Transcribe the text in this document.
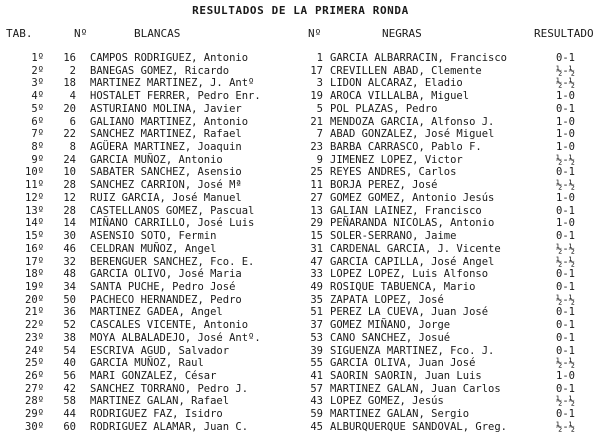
RESULTADOS DE LA PRIMERA RONDA
TAB.	Nº	BLANCAS	Nº	NEGRAS	RESULTADO
1º	16 CAMPOS RODRIGUEZ, Antonio	1 GARCIA ALBARRACIN, Francisco	0-1
2º	2 BANEGAS GOMEZ, Ricardo	17 CREVILLEN ABAD, Clemente	½-½
3º	18 MARTINEZ MARTINEZ, J. Antº	3 LIDON ALCARAZ, Eladio	½-½
4º	4 HOSTALET FERRER, Pedro Enr.	19 AROCA VILLALBA, Miguel	1-0
5º	20 ASTURIANO MOLINA, Javier	5 POL PLAZAS, Pedro	0-1
6º	6 GALIANO MARTINEZ, Antonio	21 MENDOZA GARCIA, Alfonso J.	1-0
7º	22 SANCHEZ MARTINEZ, Rafael	7 ABAD GONZALEZ, José Miguel	1-0
8º	8 AGÜERA MARTINEZ, Joaquin	23 BARBA CARRASCO, Pablo F.	1-0
9º	24 GARCIA MUÑOZ, Antonio	9 JIMENEZ LOPEZ, Victor	½-½
10º	10 SABATER SANCHEZ, Asensio	25 REYES ANDRES, Carlos	0-1
11º	28 SANCHEZ CARRION, José Mª	11 BORJA PEREZ, José	½-½
12º	12 RUIZ GARCIA, José Manuel	27 GOMEZ GOMEZ, Antonio Jesús	1-0
13º	28 CASTELLANOS GOMEZ, Pascual	13 GALIAN LAINEZ, Francisco	0-1
14º	14 MIÑANO CARRILLO, José Luis	29 PEÑARANDA NICOLAS, Antonio	1-0
15º	30 ASENSIO SOTO, Fermin	15 SOLER-SERRANO, Jaime	0-1
16º	46 CELDRAN MUÑOZ, Angel	31 CARDENAL GARCIA, J. Vicente	½-½
17º	32 BERENGUER SANCHEZ, Fco. E.	47 GARCIA CAPILLA, José Angel	½-½
18º	48 GARCIA OLIVO, José Maria	33 LOPEZ LOPEZ, Luis Alfonso	0-1
19º	34 SANTA PUCHE, Pedro José	49 ROSIQUE TABUENCA, Mario	0-1
20º	50 PACHECO HERNANDEZ, Pedro	35 ZAPATA LOPEZ, José	½-½
21º	36 MARTINEZ GADEA, Angel	51 PEREZ LA CUEVA, Juan José	0-1
22º	52 CASCALES VICENTE, Antonio	37 GOMEZ MIÑANO, Jorge	0-1
23º	38 MOYA ALBALADEJO, José Antº.	53 CANO SANCHEZ, Josué	0-1
24º	54 ESCRIVA AGUD, Salvador	39 SIGUENZA MARTINEZ, Fco. J.	0-1
25º	40 GARCIA MUÑOZ, Raul	55 GARCIA OLIVA, Juan José	½-½
26º	56 MARI GONZALEZ, César	41 SAORIN SAORIN, Juan Luis	1-0
27º	42 SANCHEZ TORRANO, Pedro J.	57 MARTINEZ GALAN, Juan Carlos	0-1
28º	58 MARTINEZ GALAN, Rafael	43 LOPEZ GOMEZ, Jesús	½-½
29º	44 RODRIGUEZ FAZ, Isidro	59 MARTINEZ GALAN, Sergio	0-1
30º	60 RODRIGUEZ ALAMAR, Juan C.	45 ALBURQUERQUE SANDOVAL, Greg.	½-½
